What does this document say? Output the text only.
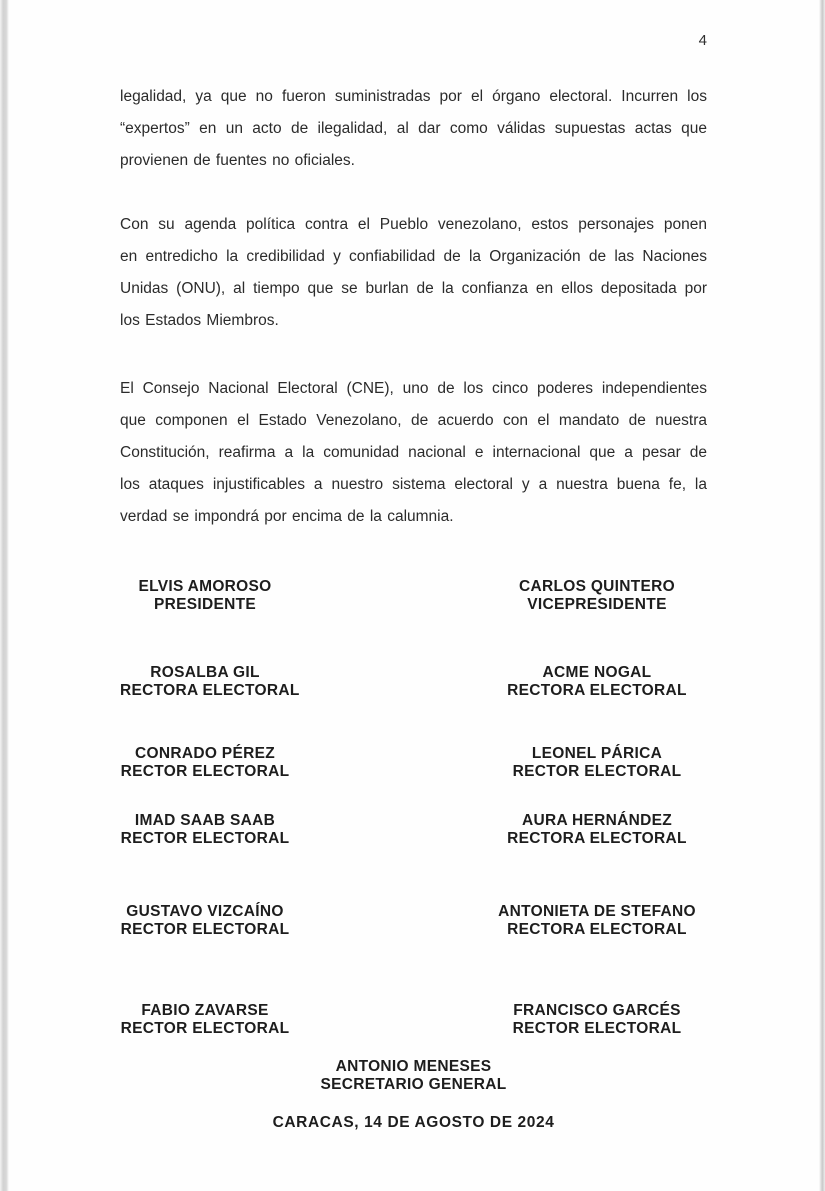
4
legalidad, ya que no fueron suministradas por el órgano electoral. Incurren los
“expertos” en un acto de ilegalidad, al dar como válidas supuestas actas que
provienen de fuentes no oficiales.
Con su agenda política contra el Pueblo venezolano, estos personajes ponen
en entredicho la credibilidad y confiabilidad de la Organización de las Naciones
Unidas (ONU), al tiempo que se burlan de la confianza en ellos depositada por
los Estados Miembros.
El Consejo Nacional Electoral (CNE), uno de los cinco poderes independientes
que componen el Estado Venezolano, de acuerdo con el mandato de nuestra
Constitución, reafirma a la comunidad nacional e internacional que a pesar de
los ataques injustificables a nuestro sistema electoral y a nuestra buena fe, la
verdad se impondrá por encima de la calumnia.
ELVIS AMOROSO
PRESIDENTE
CARLOS QUINTERO
VICEPRESIDENTE
ROSALBA GIL
RECTORA ELECTORAL
ACME NOGAL
RECTORA ELECTORAL
CONRADO PÉREZ
RECTOR ELECTORAL
LEONEL PÁRICA
RECTOR ELECTORAL
IMAD SAAB SAAB
RECTOR ELECTORAL
AURA HERNÁNDEZ
RECTORA ELECTORAL
GUSTAVO VIZCAÍNO
RECTOR ELECTORAL
ANTONIETA DE STEFANO
RECTORA ELECTORAL
FABIO ZAVARSE
RECTOR ELECTORAL
FRANCISCO GARCÉS
RECTOR ELECTORAL
ANTONIO MENESES
SECRETARIO GENERAL
CARACAS, 14 DE AGOSTO DE 2024
